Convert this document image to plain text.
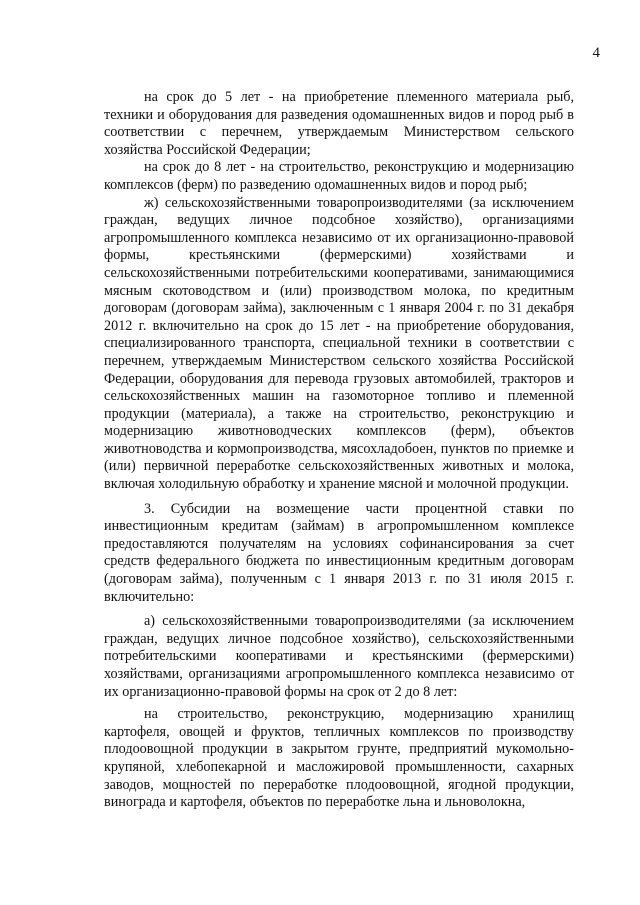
4

на срок до 5 лет - на приобретение племенного материала рыб, техники и оборудования для разведения одомашненных видов и пород рыб в соответствии с перечнем, утверждаемым Министерством сельского хозяйства Российской Федерации;

на срок до 8 лет - на строительство, реконструкцию и модернизацию комплексов (ферм) по разведению одомашненных видов и пород рыб;

ж) сельскохозяйственными товаропроизводителями (за исключением граждан, ведущих личное подсобное хозяйство), организациями агропромышленного комплекса независимо от их организационно-правовой формы, крестьянскими (фермерскими) хозяйствами и сельскохозяйственными потребительскими кооперативами, занимающимися мясным скотоводством и (или) производством молока, по кредитным договорам (договорам займа), заключенным с 1 января 2004 г. по 31 декабря 2012 г. включительно на срок до 15 лет - на приобретение оборудования, специализированного транспорта, специальной техники в соответствии с перечнем, утверждаемым Министерством сельского хозяйства Российской Федерации, оборудования для перевода грузовых автомобилей, тракторов и сельскохозяйственных машин на газомоторное топливо и племенной продукции (материала), а также на строительство, реконструкцию и модернизацию животноводческих комплексов (ферм), объектов животноводства и кормопроизводства, мясохладобоен, пунктов по приемке и (или) первичной переработке сельскохозяйственных животных и молока, включая холодильную обработку и хранение мясной и молочной продукции.

3. Субсидии на возмещение части процентной ставки по инвестиционным кредитам (займам) в агропромышленном комплексе предоставляются получателям на условиях софинансирования за счет средств федерального бюджета по инвестиционным кредитным договорам (договорам займа), полученным с 1 января 2013 г. по 31 июля 2015 г. включительно:

а) сельскохозяйственными товаропроизводителями (за исключением граждан, ведущих личное подсобное хозяйство), сельскохозяйственными потребительскими кооперативами и крестьянскими (фермерскими) хозяйствами, организациями агропромышленного комплекса независимо от их организационно-правовой формы на срок от 2 до 8 лет:

на строительство, реконструкцию, модернизацию хранилищ картофеля, овощей и фруктов, тепличных комплексов по производству плодоовощной продукции в закрытом грунте, предприятий мукомольно-крупяной, хлебопекарной и масложировой промышленности, сахарных заводов, мощностей по переработке плодоовощной, ягодной продукции, винограда и картофеля, объектов по переработке льна и льноволокна,
